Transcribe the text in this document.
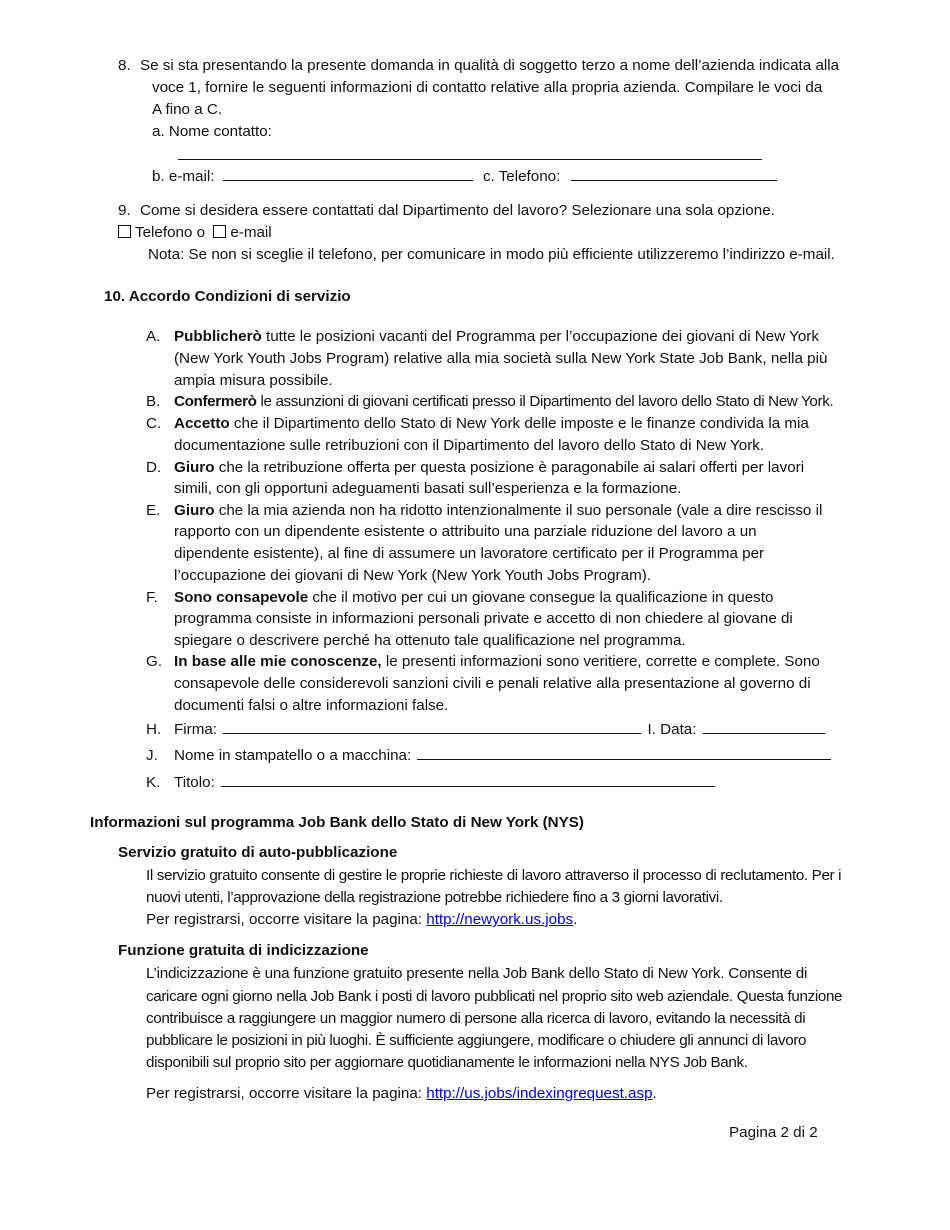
8. Se si sta presentando la presente domanda in qualità di soggetto terzo a nome dell’azienda indicata alla
voce 1, fornire le seguenti informazioni di contatto relative alla propria azienda. Compilare le voci da
A fino a C.
a. Nome contatto:
b. e-mail:	c. Telefono:
9. Come si desidera essere contattati dal Dipartimento del lavoro? Selezionare una sola opzione.
Telefono o e-mail
Nota: Se non si sceglie il telefono, per comunicare in modo più efficiente utilizzeremo l’indirizzo e-mail.
10. Accordo Condizioni di servizio
A. Pubblicherò tutte le posizioni vacanti del Programma per l’occupazione dei giovani di New York
(New York Youth Jobs Program) relative alla mia società sulla New York State Job Bank, nella più
ampia misura possibile.
B. Confermerò le assunzioni di giovani certificati presso il Dipartimento del lavoro dello Stato di New York.
C. Accetto che il Dipartimento dello Stato di New York delle imposte e le finanze condivida la mia
documentazione sulle retribuzioni con il Dipartimento del lavoro dello Stato di New York.
D. Giuro che la retribuzione offerta per questa posizione è paragonabile ai salari offerti per lavori
simili, con gli opportuni adeguamenti basati sull’esperienza e la formazione.
E. Giuro che la mia azienda non ha ridotto intenzionalmente il suo personale (vale a dire rescisso il
rapporto con un dipendente esistente o attribuito una parziale riduzione del lavoro a un
dipendente esistente), al fine di assumere un lavoratore certificato per il Programma per
l’occupazione dei giovani di New York (New York Youth Jobs Program).
F. Sono consapevole che il motivo per cui un giovane consegue la qualificazione in questo
programma consiste in informazioni personali private e accetto di non chiedere al giovane di
spiegare o descrivere perché ha ottenuto tale qualificazione nel programma.
G. In base alle mie conoscenze, le presenti informazioni sono veritiere, corrette e complete. Sono
consapevole delle considerevoli sanzioni civili e penali relative alla presentazione al governo di
documenti falsi o altre informazioni false.
H. Firma:	I. Data:
J. Nome in stampatello o a macchina:
K. Titolo:
Informazioni sul programma Job Bank dello Stato di New York (NYS)
Servizio gratuito di auto-pubblicazione
Il servizio gratuito consente di gestire le proprie richieste di lavoro attraverso il processo di reclutamento. Per i
nuovi utenti, l’approvazione della registrazione potrebbe richiedere fino a 3 giorni lavorativi.
Per registrarsi, occorre visitare la pagina: http://newyork.us.jobs.
Funzione gratuita di indicizzazione
L’indicizzazione è una funzione gratuito presente nella Job Bank dello Stato di New York. Consente di
caricare ogni giorno nella Job Bank i posti di lavoro pubblicati nel proprio sito web aziendale. Questa funzione
contribuisce a raggiungere un maggior numero di persone alla ricerca di lavoro, evitando la necessità di
pubblicare le posizioni in più luoghi. È sufficiente aggiungere, modificare o chiudere gli annunci di lavoro
disponibili sul proprio sito per aggiornare quotidianamente le informazioni nella NYS Job Bank.
Per registrarsi, occorre visitare la pagina: http://us.jobs/indexingrequest.asp.
Pagina 2 di 2
